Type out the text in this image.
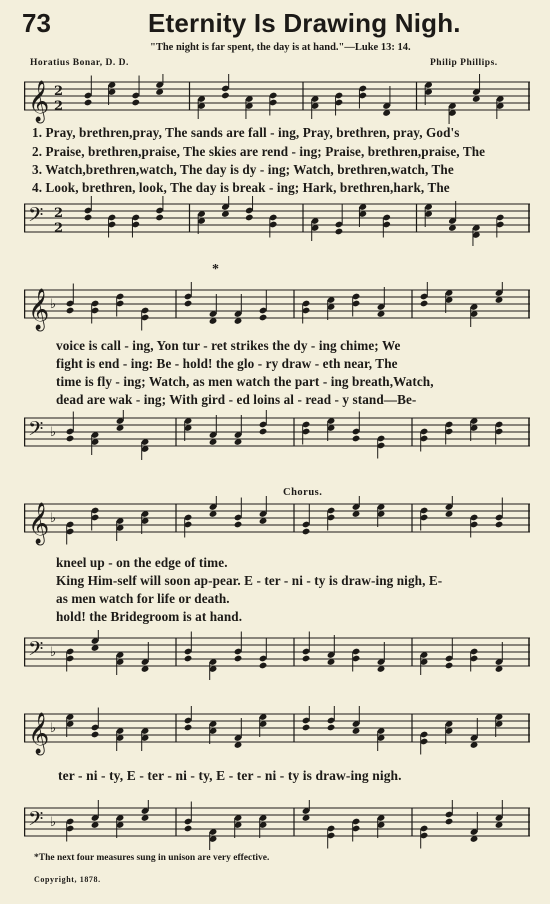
73	Eternity Is Drawing Nigh.
"The night is far spent, the day is at hand."—Luke 13: 14.
Horatius Bonar, D. D.	Philip Phillips.
𝄞 2
2
𝄢 2
2
1. Pray, brethren,pray, The sands are fall - ing, Pray, brethren, pray, God's
2. Praise, brethren,praise, The skies are rend - ing; Praise, brethren,praise, The
3. Watch,brethren,watch, The day is dy - ing; Watch, brethren,watch, The
4. Look, brethren, look, The day is break - ing; Hark, brethren,hark, The
*
𝄞 ♭
𝄢 ♭
voice is call - ing, Yon tur - ret strikes the dy - ing chime; We
fight is end - ing: Be - hold! the glo - ry draw - eth near, The
time is fly - ing; Watch, as men watch the part - ing breath,Watch,
dead are wak - ing; With gird - ed loins al - read - y stand—Be-
Chorus.
𝄞 ♭
𝄢 ♭
kneel up - on the edge of time.
King Him-self will soon ap-pear. E - ter - ni - ty is draw-ing nigh, E-
as men watch for life or death.
hold! the Bridegroom is at hand.
𝄞 ♭
𝄢 ♭
ter - ni - ty, E - ter - ni - ty, E - ter - ni - ty is draw-ing nigh.
*The next four measures sung in unison are very effective.
Copyright, 1878.
